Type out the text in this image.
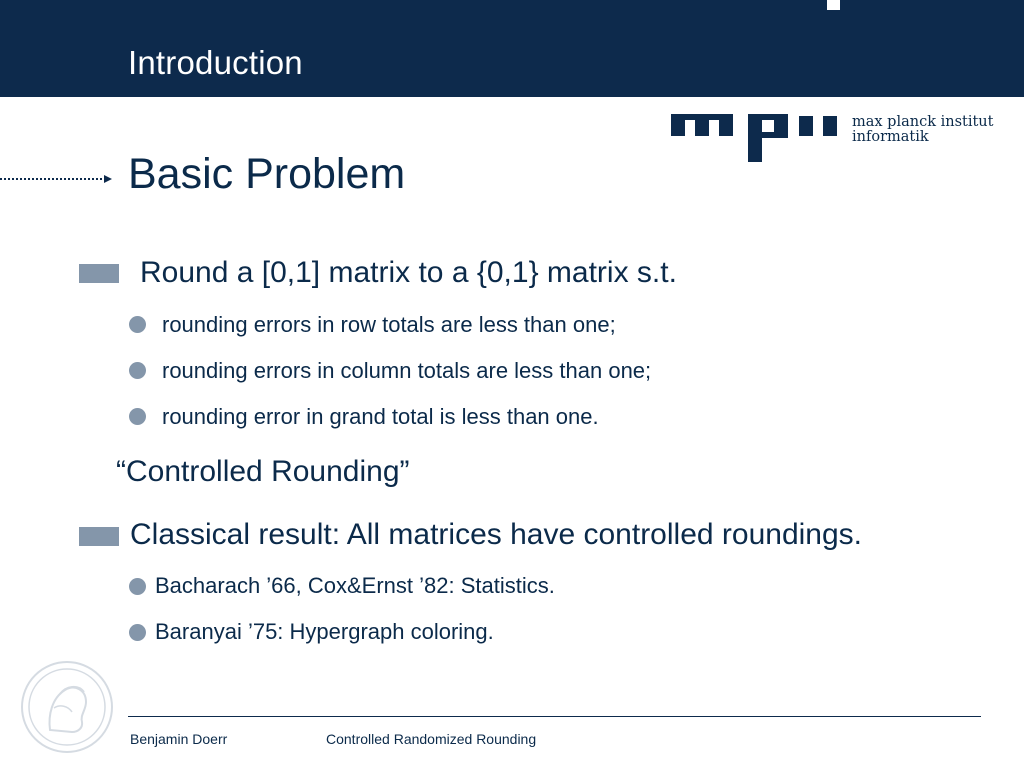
Introduction
max planck institut
informatik
Basic Problem
Round a [0,1] matrix to a {0,1} matrix s.t.
rounding errors in row totals are less than one;
rounding errors in column totals are less than one;
rounding error in grand total is less than one.
“Controlled Rounding”
Classical result: All matrices have controlled roundings.
Bacharach ’66, Cox&Ernst ’82: Statistics.
Baranyai ’75: Hypergraph coloring.
Benjamin Doerr	Controlled Randomized Rounding
